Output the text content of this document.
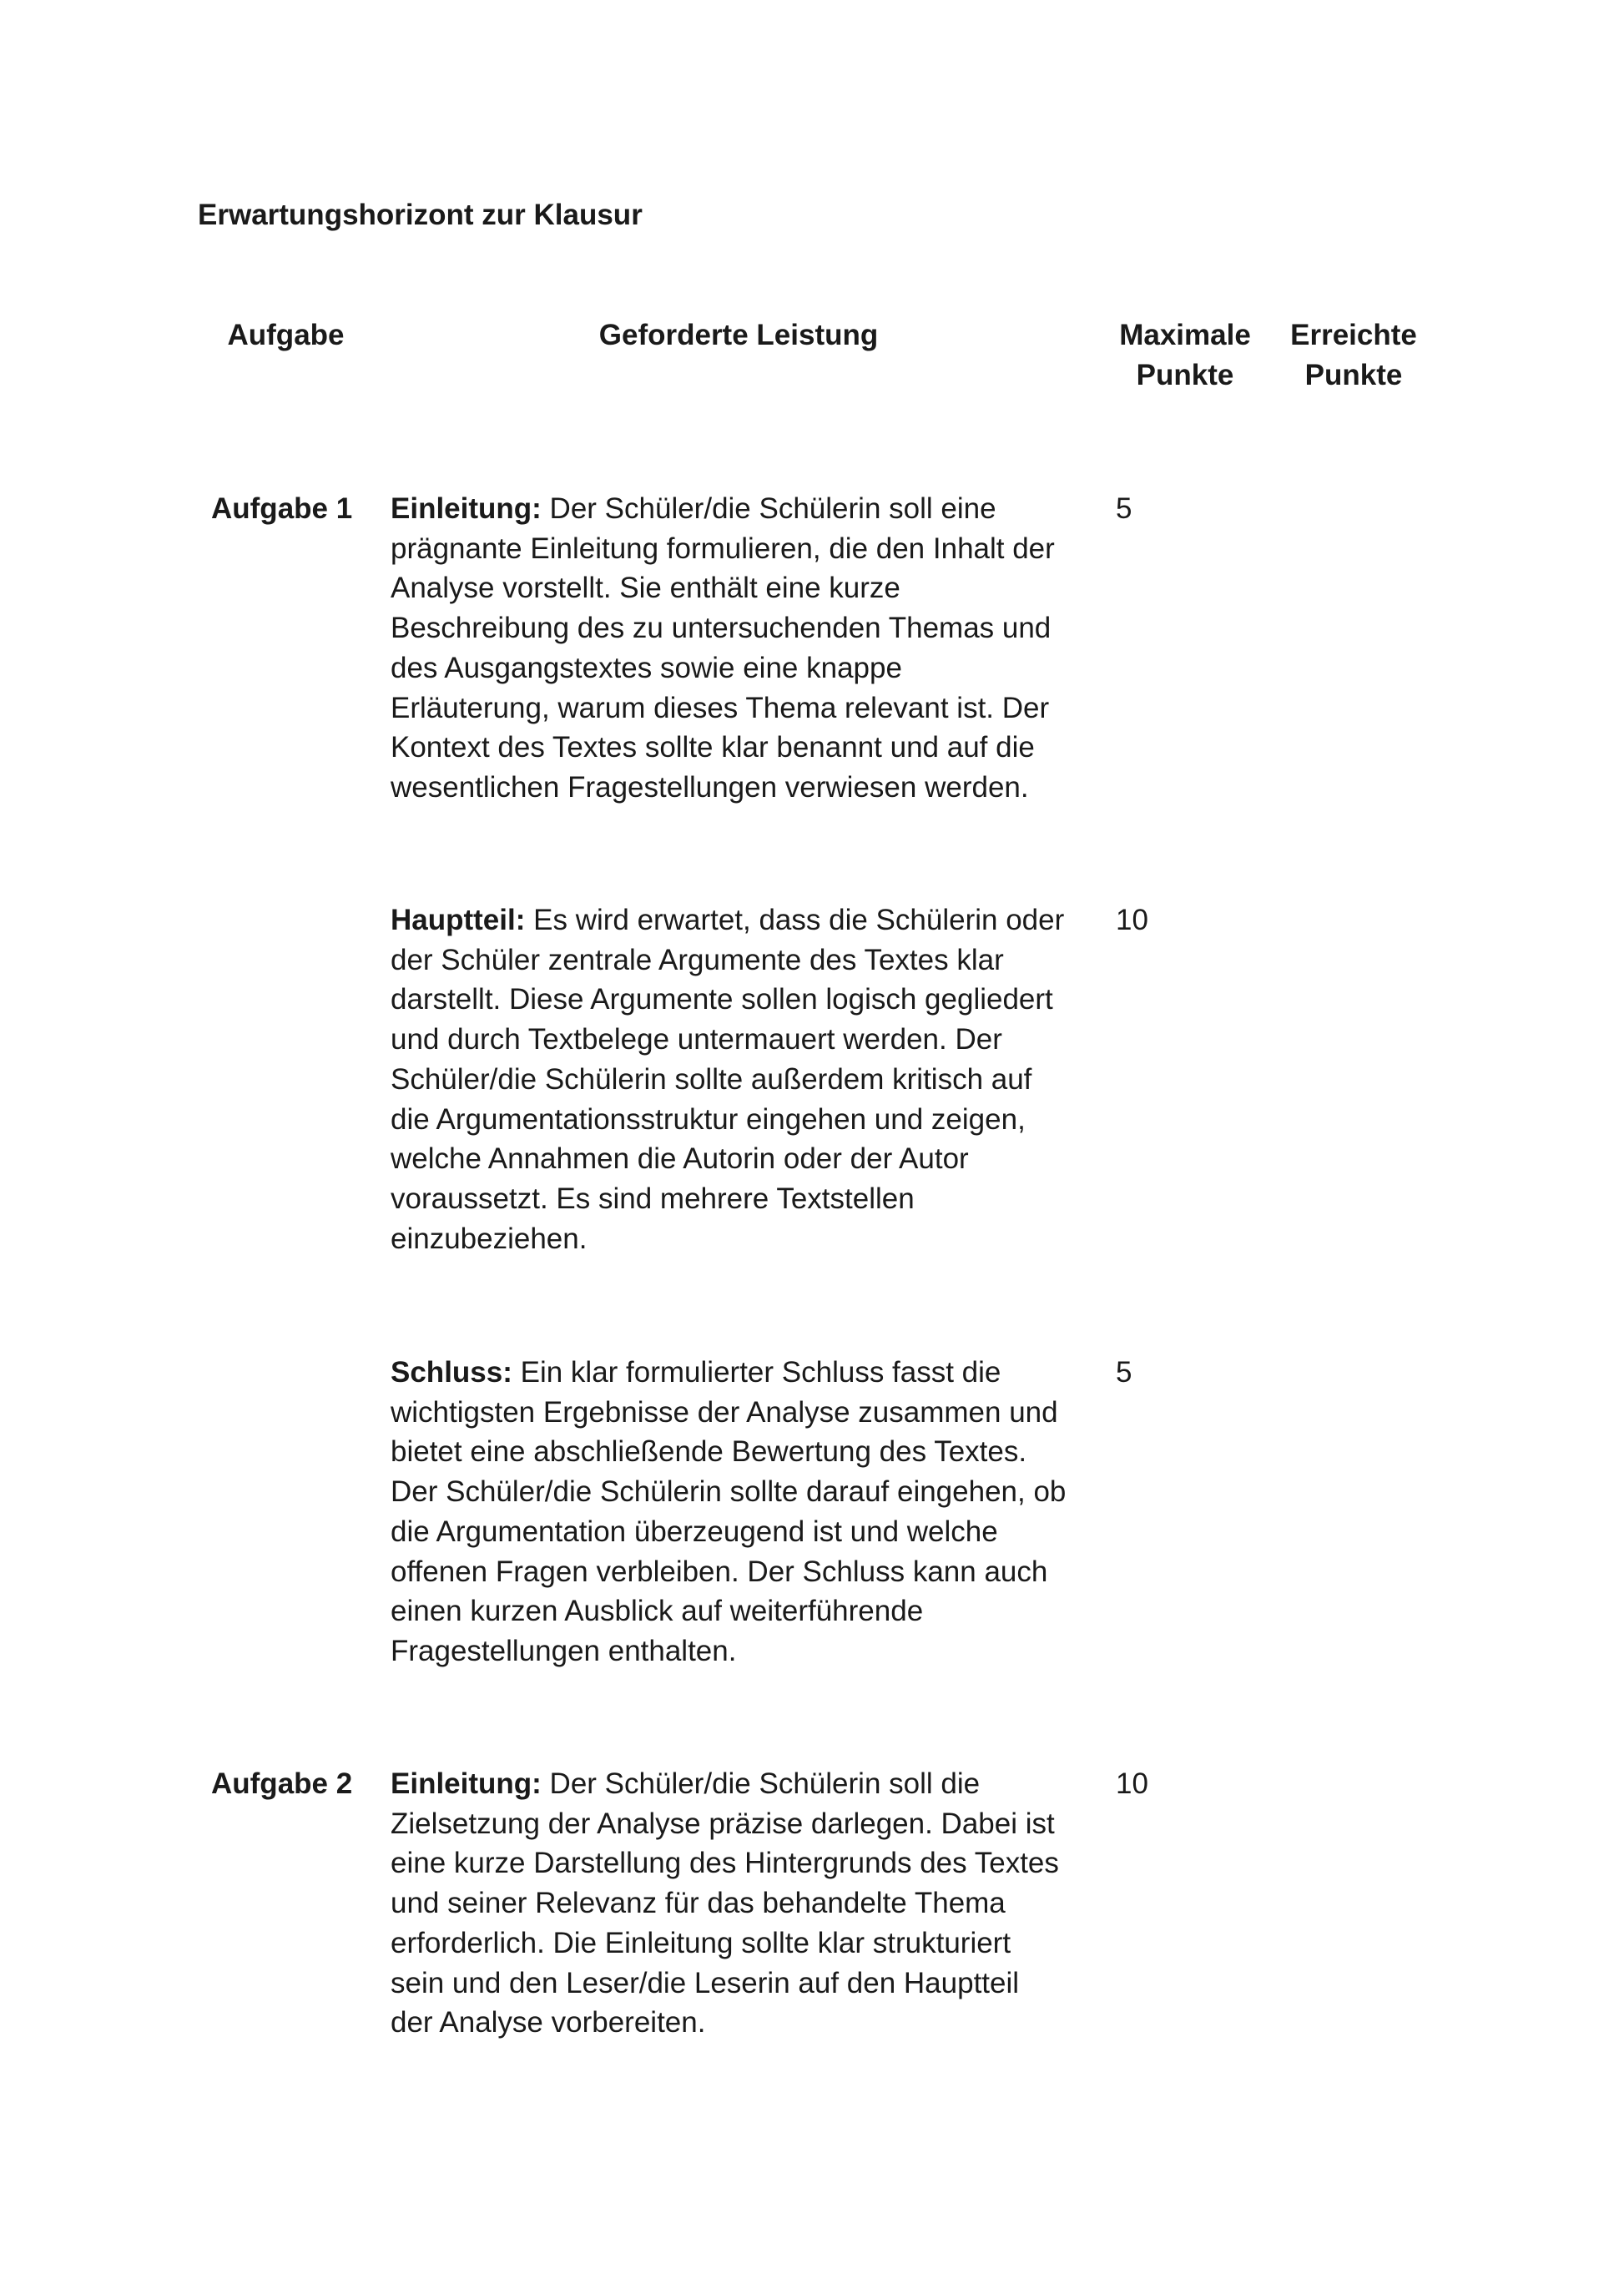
Erwartungshorizont zur Klausur
Aufgabe	Geforderte Leistung	Maximale
Punkte
Erreichte
Punkte
Aufgabe 1 Einleitung: Der Schüler/die Schülerin soll eine
prägnante Einleitung formulieren, die den Inhalt der
Analyse vorstellt. Sie enthält eine kurze
Beschreibung des zu untersuchenden Themas und
des Ausgangstextes sowie eine knappe
Erläuterung, warum dieses Thema relevant ist. Der
Kontext des Textes sollte klar benannt und auf die
wesentlichen Fragestellungen verwiesen werden.
5
Hauptteil: Es wird erwartet, dass die Schülerin oder
der Schüler zentrale Argumente des Textes klar
darstellt. Diese Argumente sollen logisch gegliedert
und durch Textbelege untermauert werden. Der
Schüler/die Schülerin sollte außerdem kritisch auf
die Argumentationsstruktur eingehen und zeigen,
welche Annahmen die Autorin oder der Autor
voraussetzt. Es sind mehrere Textstellen
einzubeziehen.
10
Schluss: Ein klar formulierter Schluss fasst die
wichtigsten Ergebnisse der Analyse zusammen und
bietet eine abschließende Bewertung des Textes.
Der Schüler/die Schülerin sollte darauf eingehen, ob
die Argumentation überzeugend ist und welche
offenen Fragen verbleiben. Der Schluss kann auch
einen kurzen Ausblick auf weiterführende
Fragestellungen enthalten.
5
Aufgabe 2 Einleitung: Der Schüler/die Schülerin soll die
Zielsetzung der Analyse präzise darlegen. Dabei ist
eine kurze Darstellung des Hintergrunds des Textes
und seiner Relevanz für das behandelte Thema
erforderlich. Die Einleitung sollte klar strukturiert
sein und den Leser/die Leserin auf den Hauptteil
der Analyse vorbereiten.
10
